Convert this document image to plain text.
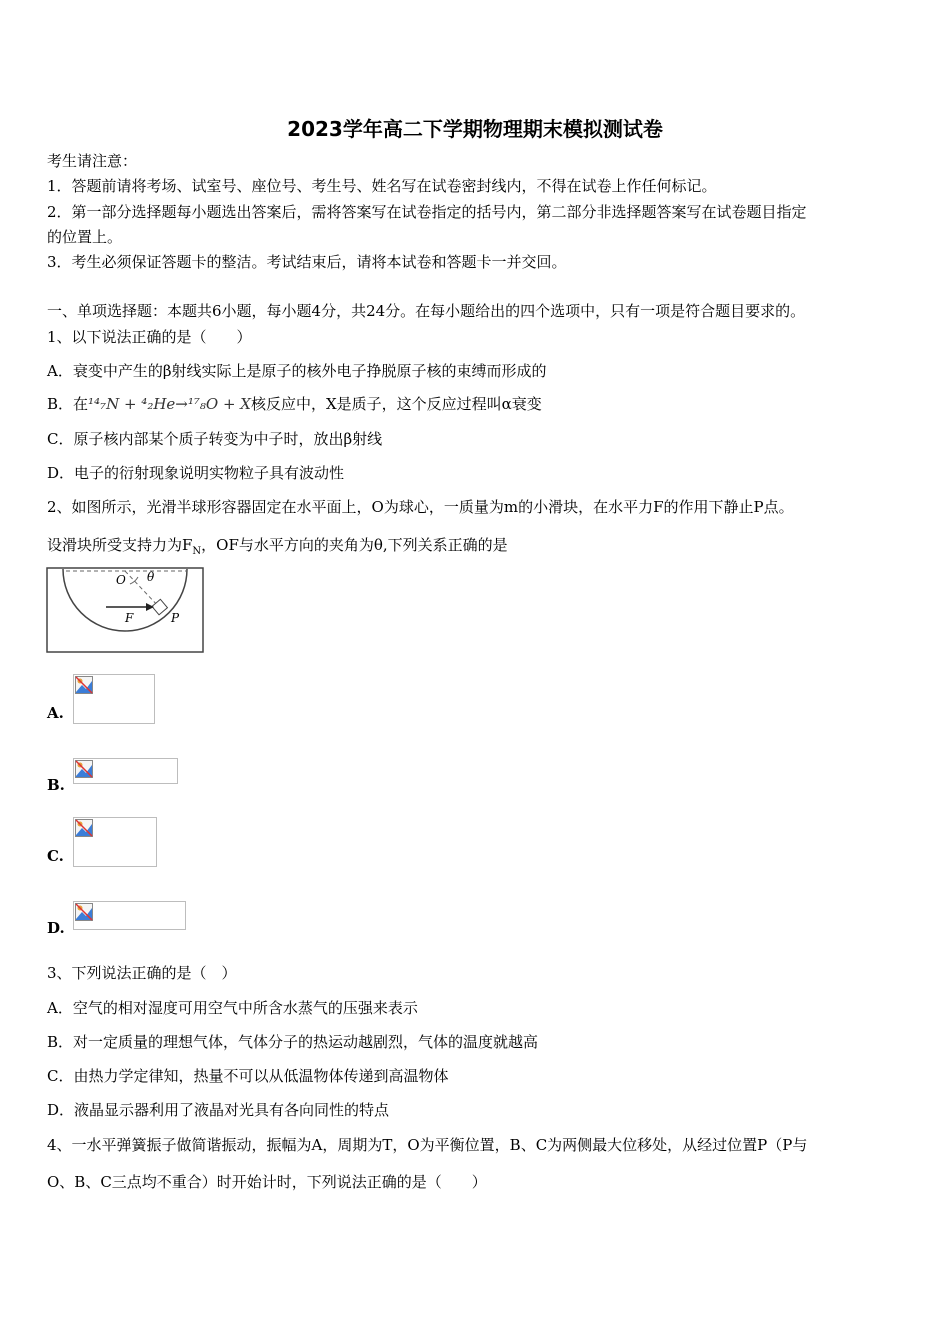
2023学年高二下学期物理期末模拟测试卷
考生请注意：
1．答题前请将考场、试室号、座位号、考生号、姓名写在试卷密封线内，不得在试卷上作任何标记。
2．第一部分选择题每小题选出答案后，需将答案写在试卷指定的括号内，第二部分非选择题答案写在试卷题目指定
的位置上。
3．考生必须保证答题卡的整洁。考试结束后，请将本试卷和答题卡一并交回。
一、单项选择题：本题共6小题，每小题4分，共24分。在每小题给出的四个选项中，只有一项是符合题目要求的。
1、以下说法正确的是（　　）
A．衰变中产生的β射线实际上是原子的核外电子挣脱原子核的束缚而形成的
B．在¹⁴₇N + ⁴₂He→¹⁷₈O + X核反应中，X是质子，这个反应过程叫α衰变
C．原子核内部某个质子转变为中子时，放出β射线
D．电子的衍射现象说明实物粒子具有波动性
2、如图所示，光滑半球形容器固定在水平面上，O为球心，一质量为m的小滑块，在水平力F的作用下静止P点。
设滑块所受支持力为$F_N$，OF与水平方向的夹角为θ,下列关系正确的是
O θ
F	P
A.
B.
C.
D.
3、下列说法正确的是（　）
A．空气的相对湿度可用空气中所含水蒸气的压强来表示
B．对一定质量的理想气体，气体分子的热运动越剧烈，气体的温度就越高
C．由热力学定律知，热量不可以从低温物体传递到高温物体
D．液晶显示器利用了液晶对光具有各向同性的特点
4、一水平弹簧振子做简谐振动，振幅为A，周期为T，O为平衡位置，B、C为两侧最大位移处，从经过位置P（P与
O、B、C三点均不重合）时开始计时，下列说法正确的是（　　）
